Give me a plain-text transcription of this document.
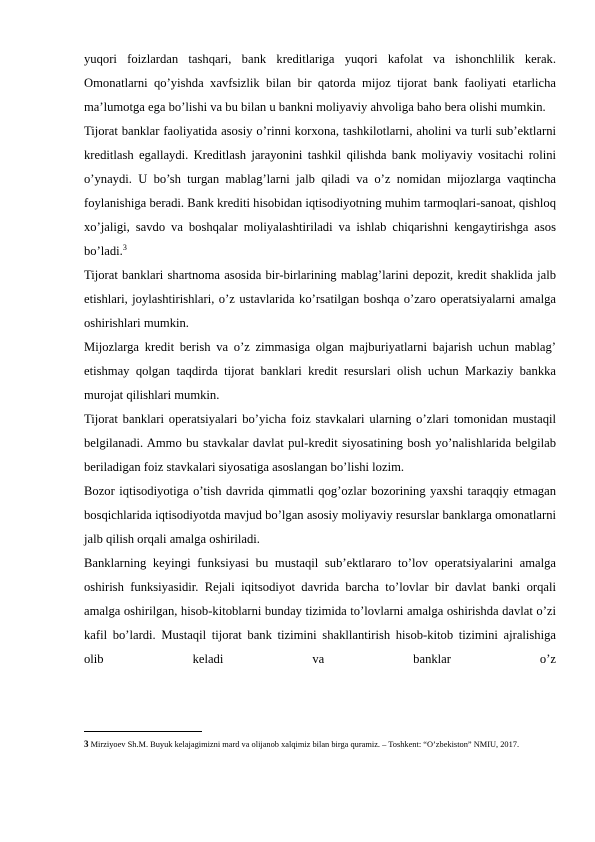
yuqori foizlardan tashqari, bank kreditlariga yuqori kafolat va ishonchlilik kerak. Omonatlarni qo’yishda xavfsizlik bilan bir qatorda mijoz tijorat bank faoliyati etarlicha ma’lumotga ega bo’lishi va bu bilan u bankni moliyaviy ahvoliga baho bera olishi mumkin.

Tijorat banklar faoliyatida asosiy o’rinni korxona, tashkilotlarni, aholini va turli sub’ektlarni kreditlash egallaydi. Kreditlash jarayonini tashkil qilishda bank moliyaviy vositachi rolini o’ynaydi. U bo’sh turgan mablag’larni jalb qiladi va o’z nomidan mijozlarga vaqtincha foylanishiga beradi. Bank krediti hisobidan iqtisodiyotning muhim tarmoqlari-sanoat, qishloq xo’jaligi, savdo va boshqalar moliyalashtiriladi va ishlab chiqarishni kengaytirishga asos bo’ladi.$^3$

Tijorat banklari shartnoma asosida bir-birlarining mablag’larini depozit, kredit shaklida jalb etishlari, joylashtirishlari, o’z ustavlarida ko’rsatilgan boshqa o’zaro operatsiyalarni amalga oshirishlari mumkin.

Mijozlarga kredit berish va o’z zimmasiga olgan majburiyatlarni bajarish uchun mablag’ etishmay qolgan taqdirda tijorat banklari kredit resurslari olish uchun Markaziy bankka murojat qilishlari mumkin.

Tijorat banklari operatsiyalari bo’yicha foiz stavkalari ularning o’zlari tomonidan mustaqil belgilanadi. Ammo bu stavkalar davlat pul-kredit siyosatining bosh yo’nalishlarida belgilab beriladigan foiz stavkalari siyosatiga asoslangan bo’lishi lozim.

Bozor iqtisodiyotiga o’tish davrida qimmatli qog’ozlar bozorining yaxshi taraqqiy etmagan bosqichlarida iqtisodiyotda mavjud bo’lgan asosiy moliyaviy resurslar banklarga omonatlarni jalb qilish orqali amalga oshiriladi.

Banklarning keyingi funksiyasi bu mustaqil sub’ektlararo to’lov operatsiyalarini amalga oshirish funksiyasidir. Rejali iqitsodiyot davrida barcha to’lovlar bir davlat banki orqali amalga oshirilgan, hisob-kitoblarni bunday tizimida to’lovlarni amalga oshirishda davlat o’zi kafil bo’lardi. Mustaqil tijorat bank tizimini shakllantirish hisob-kitob tizimini ajralishiga olib keladi va banklar o’z

3 Mirziyoev Sh.M. Buyuk kelajagimizni mard va olijanob xalqimiz bilan birga quramiz. – Toshkent: “O’zbekiston” NMIU, 2017.
